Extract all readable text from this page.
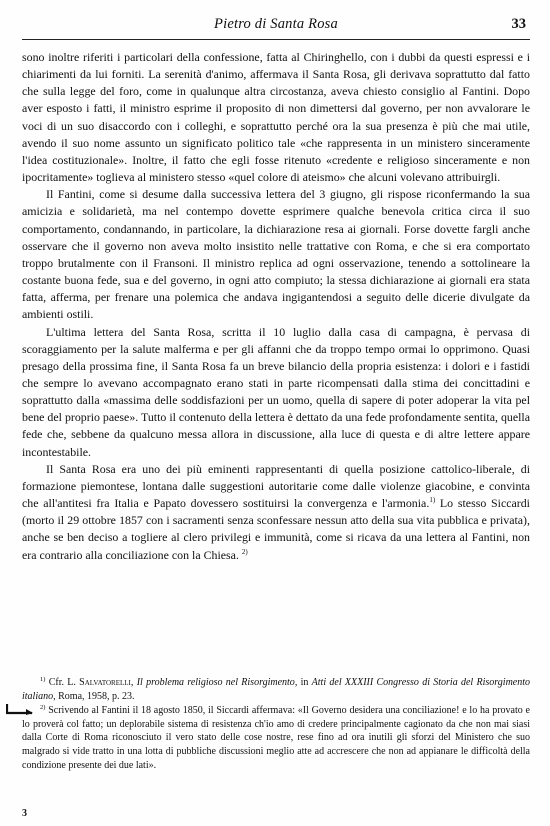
Pietro di Santa Rosa	33

sono inoltre riferiti i particolari della confessione, fatta al Chiringhello, con i dubbi da questi espressi e i chiarimenti da lui forniti. La serenità d'animo, affermava il Santa Rosa, gli derivava soprattutto dal fatto che sulla legge del foro, come in qualunque altra circostanza, aveva chiesto consiglio al Fantini. Dopo aver esposto i fatti, il ministro esprime il proposito di non dimettersi dal governo, per non avvalorare le voci di un suo disaccordo con i colleghi, e soprattutto perché ora la sua presenza è più che mai utile, avendo il suo nome assunto un significato politico tale «che rappresenta in un ministero sinceramente l'idea costituzionale». Inoltre, il fatto che egli fosse ritenuto «credente e religioso sinceramente e non ipocritamente» toglieva al ministero stesso «quel colore di ateismo» che alcuni volevano attribuirgli.

Il Fantini, come si desume dalla successiva lettera del 3 giugno, gli rispose riconfermando la sua amicizia e solidarietà, ma nel contempo dovette esprimere qualche benevola critica circa il suo comportamento, condannando, in particolare, la dichiarazione resa ai giornali. Forse dovette fargli anche osservare che il governo non aveva molto insistito nelle trattative con Roma, e che si era comportato troppo brutalmente con il Fransoni. Il ministro replica ad ogni osservazione, tenendo a sottolineare la costante buona fede, sua e del governo, in ogni atto compiuto; la stessa dichiarazione ai giornali era stata fatta, afferma, per frenare una polemica che andava ingigantendosi a seguito delle dicerie divulgate da ambienti ostili.

L'ultima lettera del Santa Rosa, scritta il 10 luglio dalla casa di campagna, è pervasa di scoraggiamento per la salute malferma e per gli affanni che da troppo tempo ormai lo opprimono. Quasi presago della prossima fine, il Santa Rosa fa un breve bilancio della propria esistenza: i dolori e i fastidi che sempre lo avevano accompagnato erano stati in parte ricompensati dalla stima dei concittadini e soprattutto dalla «massima delle soddisfazioni per un uomo, quella di sapere di poter adoperar la vita pel bene del proprio paese». Tutto il contenuto della lettera è dettato da una fede profondamente sentita, quella fede che, sebbene da qualcuno messa allora in discussione, alla luce di questa e di altre lettere appare incontestabile.

Il Santa Rosa era uno dei più eminenti rappresentanti di quella posizione cattolico-liberale, di formazione piemontese, lontana dalle suggestioni autoritarie come dalle violenze giacobine, e convinta che all'antitesi fra Italia e Papato dovessero sostituirsi la convergenza e l'armonia.$^{1)}$ Lo stesso Siccardi (morto il 29 ottobre 1857 con i sacramenti senza sconfessare nessun atto della sua vita pubblica e privata), anche se ben deciso a togliere al clero privilegi e immunità, come si ricava da una lettera al Fantini, non era contrario alla conciliazione con la Chiesa. $^{2)}$

$^{1)}$ Cfr. L. Salvatorelli, Il problema religioso nel Risorgimento, in Atti del XXXIII Congresso di Storia del Risorgimento italiano, Roma, 1958, p. 23.

$^{2)}$ Scrivendo al Fantini il 18 agosto 1850, il Siccardi affermava: «Il Governo desidera una conciliazione! e lo ha provato e lo proverà col fatto; un deplorabile sistema di resistenza ch'io amo di credere principalmente cagionato da che non mai siasi dalla Corte di Roma riconosciuto il vero stato delle cose nostre, rese fino ad ora inutili gli sforzi del Ministero che suo malgrado si vide tratto in una lotta di pubbliche discussioni meglio atte ad accrescere che non ad appianare le difficoltà della condizione presente dei due lati».

3
